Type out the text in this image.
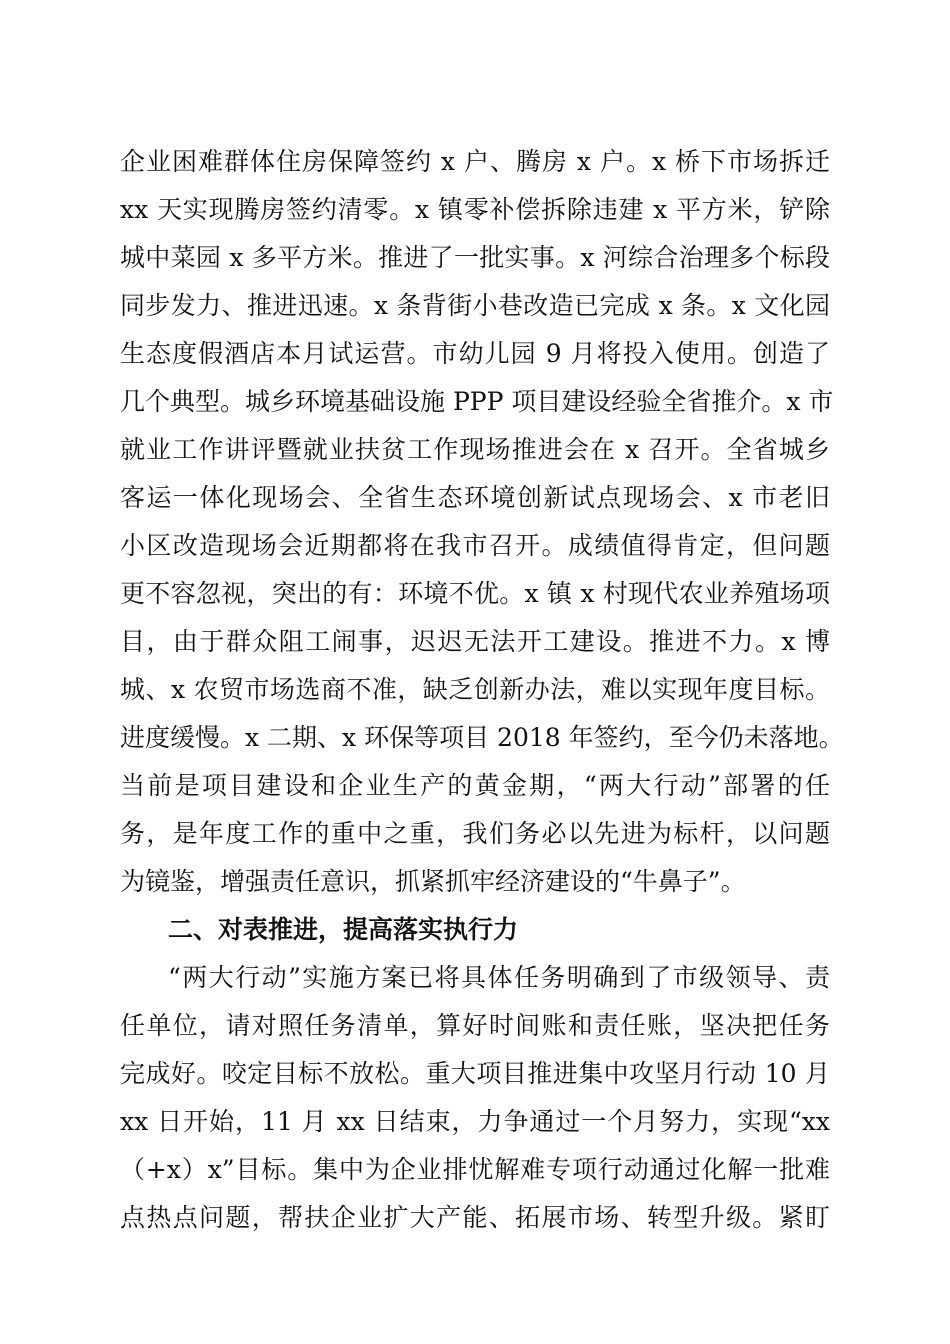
企业困难群体住房保障签约 x 户、腾房 x 户。x 桥下市场拆迁
xx 天实现腾房签约清零。x 镇零补偿拆除违建 x 平方米，铲除
城中菜园 x 多平方米。推进了一批实事。x 河综合治理多个标段
同步发力、推进迅速。x 条背街小巷改造已完成 x 条。x 文化园
生态度假酒店本月试运营。市幼儿园 9 月将投入使用。创造了
几个典型。城乡环境基础设施 PPP 项目建设经验全省推介。x 市
就业工作讲评暨就业扶贫工作现场推进会在 x 召开。全省城乡
客运一体化现场会、全省生态环境创新试点现场会、x 市老旧
小区改造现场会近期都将在我市召开。成绩值得肯定，但问题
更不容忽视，突出的有：环境不优。x 镇 x 村现代农业养殖场项
目，由于群众阻工闹事，迟迟无法开工建设。推进不力。x 博
城、x 农贸市场选商不准，缺乏创新办法，难以实现年度目标。
进度缓慢。x 二期、x 环保等项目 2018 年签约，至今仍未落地。
当前是项目建设和企业生产的黄金期，“两大行动”部署的任
务，是年度工作的重中之重，我们务必以先进为标杆，以问题
为镜鉴，增强责任意识，抓紧抓牢经济建设的“牛鼻子”。
二、对表推进，提高落实执行力
“两大行动”实施方案已将具体任务明确到了市级领导、责
任单位，请对照任务清单，算好时间账和责任账，坚决把任务
完成好。咬定目标不放松。重大项目推进集中攻坚月行动 10 月
xx 日开始，11 月 xx 日结束，力争通过一个月努力，实现“xx
（+x）x”目标。集中为企业排忧解难专项行动通过化解一批难
点热点问题，帮扶企业扩大产能、拓展市场、转型升级。紧盯
